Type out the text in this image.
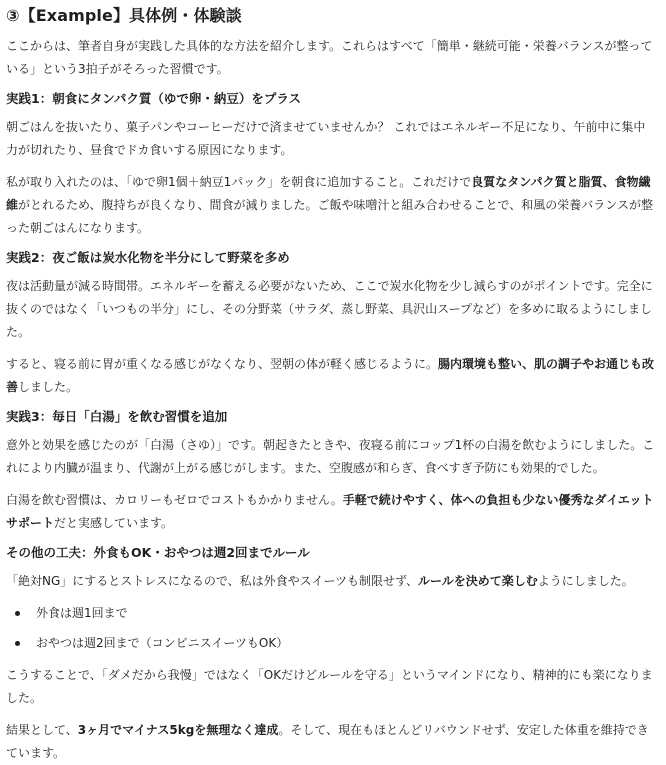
③【Example】具体例・体験談

ここからは、筆者自身が実践した具体的な方法を紹介します。これらはすべて「簡単・継続可能・栄養バランスが整っている」という3拍子がそろった習慣です。

実践1：朝食にタンパク質（ゆで卵・納豆）をプラス

朝ごはんを抜いたり、菓子パンやコーヒーだけで済ませていませんか？ これではエネルギー不足になり、午前中に集中力が切れたり、昼食でドカ食いする原因になります。

私が取り入れたのは、「ゆで卵1個＋納豆1パック」を朝食に追加すること。これだけで良質なタンパク質と脂質、食物繊維がとれるため、腹持ちが良くなり、間食が減りました。ご飯や味噌汁と組み合わせることで、和風の栄養バランスが整った朝ごはんになります。

実践2：夜ご飯は炭水化物を半分にして野菜を多め

夜は活動量が減る時間帯。エネルギーを蓄える必要がないため、ここで炭水化物を少し減らすのがポイントです。完全に抜くのではなく「いつもの半分」にし、その分野菜（サラダ、蒸し野菜、具沢山スープなど）を多めに取るようにしました。

すると、寝る前に胃が重くなる感じがなくなり、翌朝の体が軽く感じるように。腸内環境も整い、肌の調子やお通じも改善しました。

実践3：毎日「白湯」を飲む習慣を追加

意外と効果を感じたのが「白湯（さゆ）」です。朝起きたときや、夜寝る前にコップ1杯の白湯を飲むようにしました。これにより内臓が温まり、代謝が上がる感じがします。また、空腹感が和らぎ、食べすぎ予防にも効果的でした。

白湯を飲む習慣は、カロリーもゼロでコストもかかりません。手軽で続けやすく、体への負担も少ない優秀なダイエットサポートだと実感しています。

その他の工夫：外食もOK・おやつは週2回までルール

「絶対NG」にするとストレスになるので、私は外食やスイーツも制限せず、ルールを決めて楽しむようにしました。

外食は週1回まで
おやつは週2回まで（コンビニスイーツもOK）

こうすることで、「ダメだから我慢」ではなく「OKだけどルールを守る」というマインドになり、精神的にも楽になりました。

結果として、3ヶ月でマイナス5kgを無理なく達成。そして、現在もほとんどリバウンドせず、安定した体重を維持できています。
